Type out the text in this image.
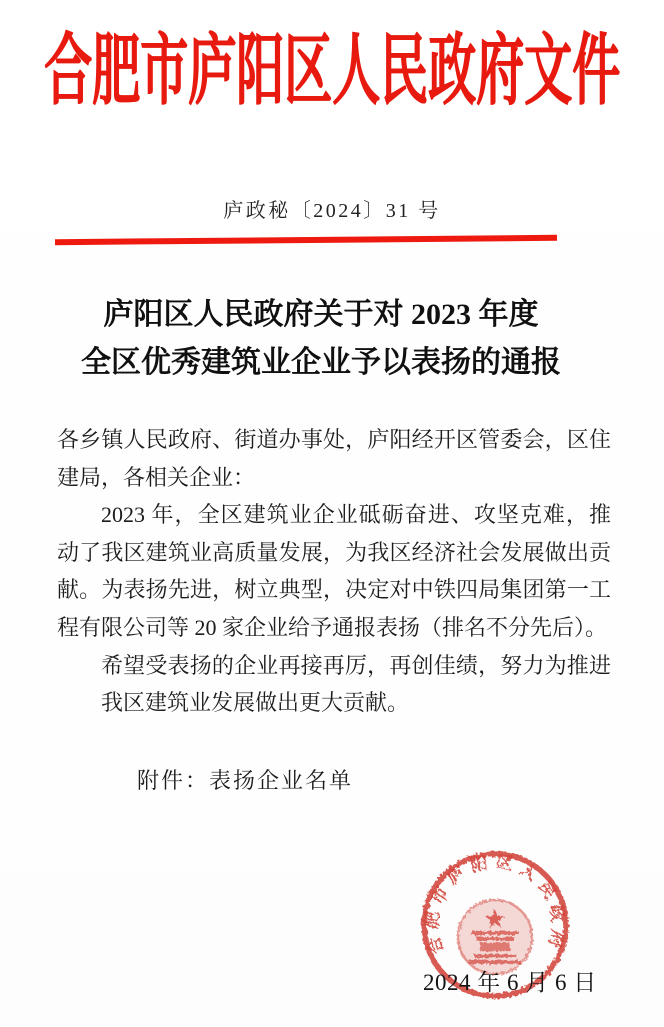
合肥市庐阳区人民政府文件
庐政秘〔2024〕31 号
庐阳区人民政府关于对 2023 年度
全区优秀建筑业企业予以表扬的通报

各乡镇人民政府、街道办事处，庐阳经开区管委会，区住建局，各相关企业：

2023 年，全区建筑业企业砥砺奋进、攻坚克难，推动了我区建筑业高质量发展，为我区经济社会发展做出贡献。为表扬先进，树立典型，决定对中铁四局集团第一工程有限公司等 20 家企业给予通报表扬（排名不分先后）。

希望受表扬的企业再接再厉，再创佳绩，努力为推进我区建筑业发展做出更大贡献。

附件：表扬企业名单
合肥市庐阳区人民政府
2024 年 6 月 6 日
